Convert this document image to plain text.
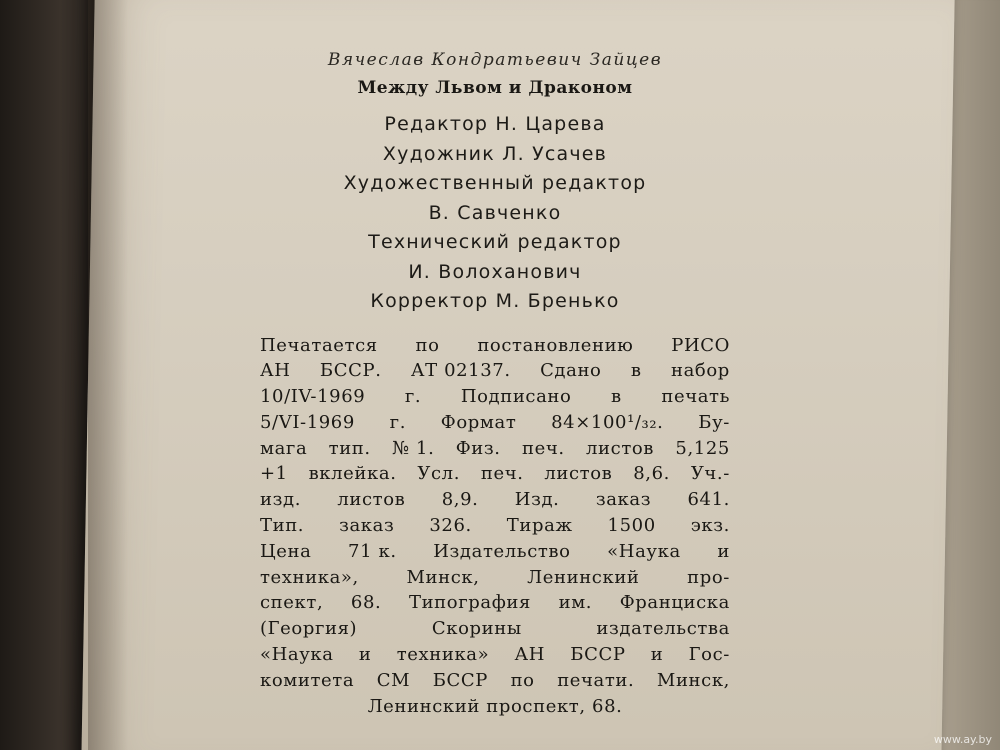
Вячеслав Кондратьевич Зайцев
Между Львом и Драконом
Редактор Н. Царева
Художник Л. Усачев
Художественный редактор
В. Савченко
Технический редактор
И. Волоханович
Корректор М. Бренько
Печатается по постановлению РИСО
АН БССР. АТ 02137. Сдано в набор
10/IV-1969 г. Подписано в печать
5/VI-1969 г. Формат 84×100¹/₃₂. Бу-
мага тип. № 1. Физ. печ. листов 5,125
+1 вклейка. Усл. печ. листов 8,6. Уч.-
изд. листов 8,9. Изд. заказ 641.
Тип. заказ 326. Тираж 1500 экз.
Цена 71 к. Издательство «Наука и
техника»,	Минск,	Ленинский	про-
спект, 68. Типография им. Франциска
(Георгия)	Скорины	издательства
«Наука и техника» АН БССР и Гос-
комитета СМ БССР по печати. Минск,
Ленинский проспект, 68.
www.ay.by
